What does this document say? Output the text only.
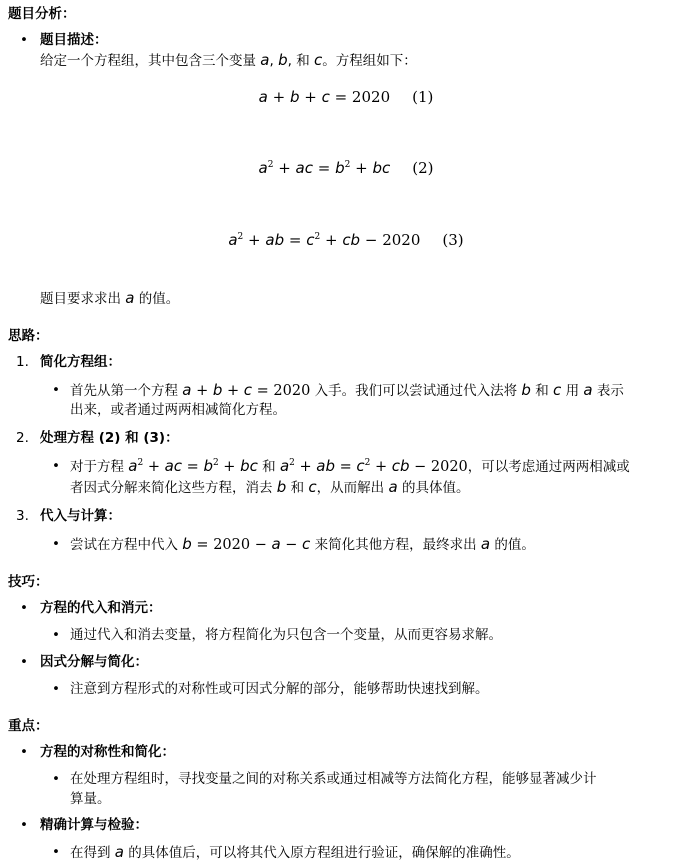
题目分析：
• 题目描述：
给定一个方程组，其中包含三个变量 a, b, 和 c。方程组如下：
a + b + c = 2020 (1)
$a^2$ + ac = $b^2$ + bc (2)
$a^2$ + ab = $c^2$ + cb − 2020 (3)
题目要求求出 a 的值。
思路：
1. 简化方程组：
• 首先从第一个方程 a + b + c = 2020 入手。我们可以尝试通过代入法将 b 和 c 用 a 表示
出来，或者通过两两相减简化方程。
2. 处理方程 (2) 和 (3)：
• 对于方程 $a^2$ + ac = $b^2$ + bc 和 $a^2$ + ab = $c^2$ + cb − 2020，可以考虑通过两两相减或
者因式分解来简化这些方程，消去 b 和 c，从而解出 a 的具体值。
3. 代入与计算：
• 尝试在方程中代入 b = 2020 − a − c 来简化其他方程，最终求出 a 的值。
技巧：
• 方程的代入和消元：
• 通过代入和消去变量，将方程简化为只包含一个变量，从而更容易求解。
• 因式分解与简化：
• 注意到方程形式的对称性或可因式分解的部分，能够帮助快速找到解。
重点：
• 方程的对称性和简化：
• 在处理方程组时，寻找变量之间的对称关系或通过相减等方法简化方程，能够显著减少计
算量。
• 精确计算与检验：
• 在得到 a 的具体值后，可以将其代入原方程组进行验证，确保解的准确性。
